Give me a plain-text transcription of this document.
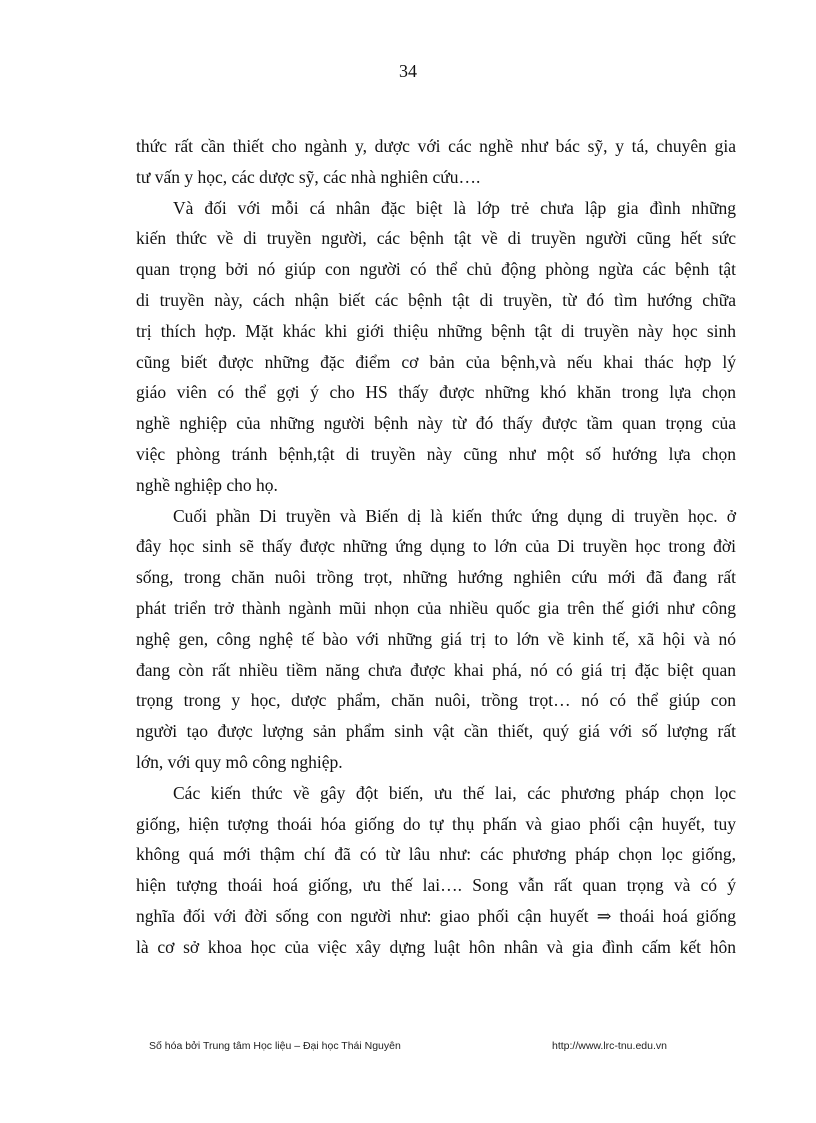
34
thức rất cần thiết cho ngành y, dược với các nghề như bác sỹ, y tá, chuyên gia
tư vấn y học, các dược sỹ, các nhà nghiên cứu….
Và đối với mỗi cá nhân đặc biệt là lớp trẻ chưa lập gia đình những
kiến thức về di truyền người, các bệnh tật về di truyền người cũng hết sức
quan trọng bởi nó giúp con người có thể chủ động phòng ngừa các bệnh tật
di truyền này, cách nhận biết các bệnh tật di truyền, từ đó tìm hướng chữa
trị thích hợp. Mặt khác khi giới thiệu những bệnh tật di truyền này học sinh
cũng biết được những đặc điểm cơ bản của bệnh,và nếu khai thác hợp lý
giáo viên có thể gợi ý cho HS thấy được những khó khăn trong lựa chọn
nghề nghiệp của những người bệnh này từ đó thấy được tầm quan trọng của
việc phòng tránh bệnh,tật di truyền này cũng như một số hướng lựa chọn
nghề nghiệp cho họ.
Cuối phần Di truyền và Biến dị là kiến thức ứng dụng di truyền học. ở
đây học sinh sẽ thấy được những ứng dụng to lớn của Di truyền học trong đời
sống, trong chăn nuôi trồng trọt, những hướng nghiên cứu mới đã đang rất
phát triển trở thành ngành mũi nhọn của nhiều quốc gia trên thế giới như công
nghệ gen, công nghệ tế bào với những giá trị to lớn về kinh tế, xã hội và nó
đang còn rất nhiều tiềm năng chưa được khai phá, nó có giá trị đặc biệt quan
trọng trong y học, dược phẩm, chăn nuôi, trồng trọt… nó có thể giúp con
người tạo được lượng sản phẩm sinh vật cần thiết, quý giá với số lượng rất
lớn, với quy mô công nghiệp.
Các kiến thức về gây đột biến, ưu thế lai, các phương pháp chọn lọc
giống, hiện tượng thoái hóa giống do tự thụ phấn và giao phối cận huyết, tuy
không quá mới thậm chí đã có từ lâu như: các phương pháp chọn lọc giống,
hiện tượng thoái hoá giống, ưu thế lai…. Song vẫn rất quan trọng và có ý
nghĩa đối với đời sống con người như: giao phối cận huyết ⇒ thoái hoá giống
là cơ sở khoa học của việc xây dựng luật hôn nhân và gia đình cấm kết hôn
Số hóa bởi Trung tâm Học liệu – Đại học Thái Nguyên	http://www.lrc-tnu.edu.vn
